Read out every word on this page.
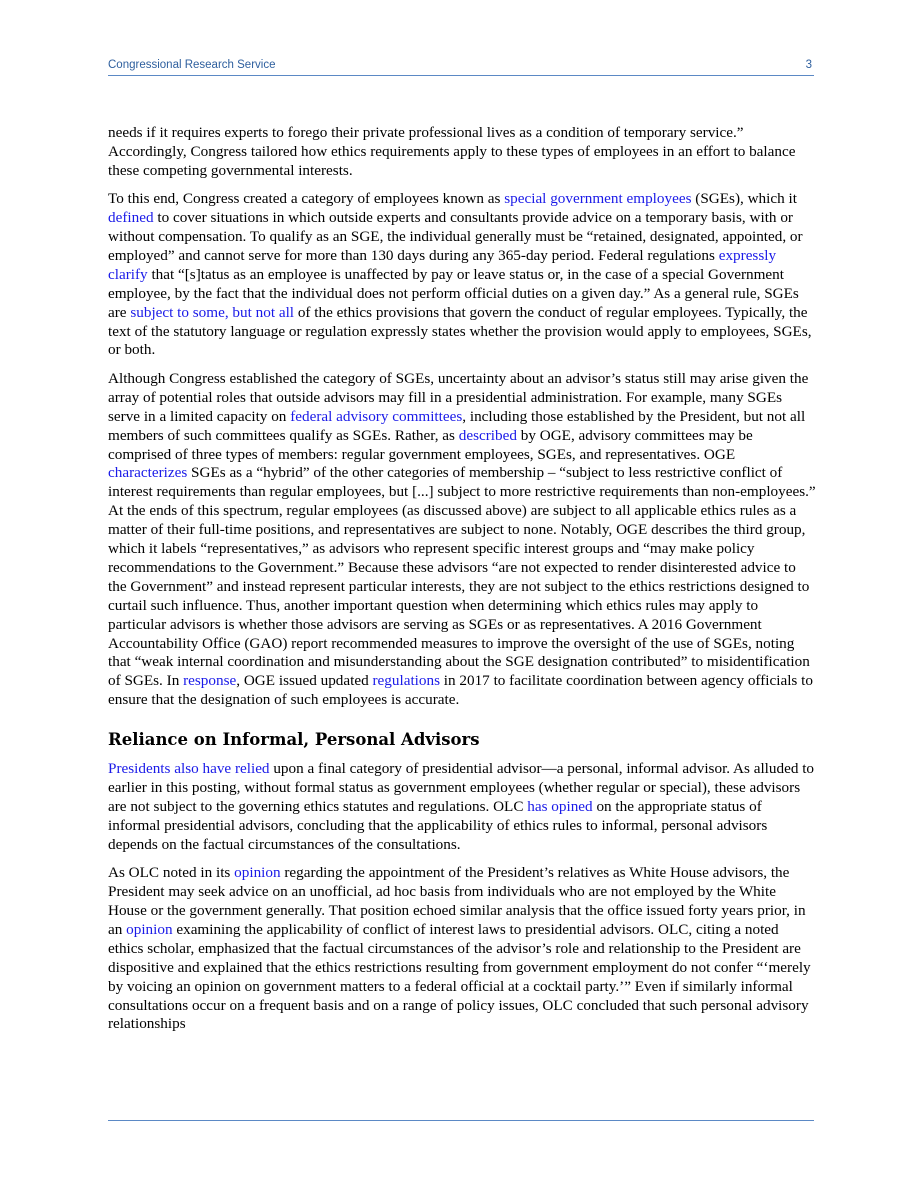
Congressional Research Service	3

needs if it requires experts to forego their private professional lives as a condition of temporary service.” Accordingly, Congress tailored how ethics requirements apply to these types of employees in an effort to balance these competing governmental interests.

To this end, Congress created a category of employees known as special government employees (SGEs), which it defined to cover situations in which outside experts and consultants provide advice on a temporary basis, with or without compensation. To qualify as an SGE, the individual generally must be “retained, designated, appointed, or employed” and cannot serve for more than 130 days during any 365-day period. Federal regulations expressly clarify that “[s]tatus as an employee is unaffected by pay or leave status or, in the case of a special Government employee, by the fact that the individual does not perform official duties on a given day.” As a general rule, SGEs are subject to some, but not all of the ethics provisions that govern the conduct of regular employees. Typically, the text of the statutory language or regulation expressly states whether the provision would apply to employees, SGEs, or both.

Although Congress established the category of SGEs, uncertainty about an advisor’s status still may arise given the array of potential roles that outside advisors may fill in a presidential administration. For example, many SGEs serve in a limited capacity on federal advisory committees, including those established by the President, but not all members of such committees qualify as SGEs. Rather, as described by OGE, advisory committees may be comprised of three types of members: regular government employees, SGEs, and representatives. OGE characterizes SGEs as a “hybrid” of the other categories of membership – “subject to less restrictive conflict of interest requirements than regular employees, but [...] subject to more restrictive requirements than non-employees.” At the ends of this spectrum, regular employees (as discussed above) are subject to all applicable ethics rules as a matter of their full-time positions, and representatives are subject to none. Notably, OGE describes the third group, which it labels “representatives,” as advisors who represent specific interest groups and “may make policy recommendations to the Government.” Because these advisors “are not expected to render disinterested advice to the Government” and instead represent particular interests, they are not subject to the ethics restrictions designed to curtail such influence. Thus, another important question when determining which ethics rules may apply to particular advisors is whether those advisors are serving as SGEs or as representatives. A 2016 Government Accountability Office (GAO) report recommended measures to improve the oversight of the use of SGEs, noting that “weak internal coordination and misunderstanding about the SGE designation contributed” to misidentification of SGEs. In response, OGE issued updated regulations in 2017 to facilitate coordination between agency officials to ensure that the designation of such employees is accurate.

Reliance on Informal, Personal Advisors

Presidents also have relied upon a final category of presidential advisor—a personal, informal advisor. As alluded to earlier in this posting, without formal status as government employees (whether regular or special), these advisors are not subject to the governing ethics statutes and regulations. OLC has opined on the appropriate status of informal presidential advisors, concluding that the applicability of ethics rules to informal, personal advisors depends on the factual circumstances of the consultations.

As OLC noted in its opinion regarding the appointment of the President’s relatives as White House advisors, the President may seek advice on an unofficial, ad hoc basis from individuals who are not employed by the White House or the government generally. That position echoed similar analysis that the office issued forty years prior, in an opinion examining the applicability of conflict of interest laws to presidential advisors. OLC, citing a noted ethics scholar, emphasized that the factual circumstances of the advisor’s role and relationship to the President are dispositive and explained that the ethics restrictions resulting from government employment do not confer “‘merely by voicing an opinion on government matters to a federal official at a cocktail party.’” Even if similarly informal consultations occur on a frequent basis and on a range of policy issues, OLC concluded that such personal advisory relationships
